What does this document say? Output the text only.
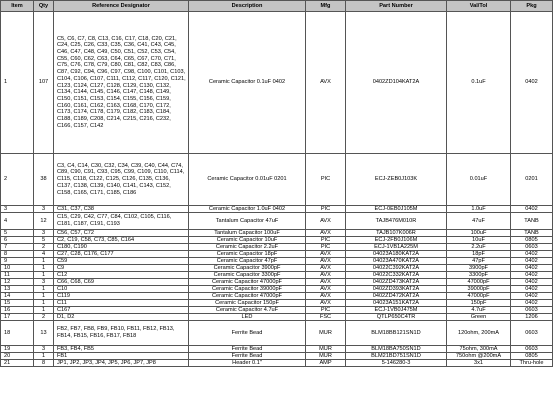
Item	Qty	Reference Designator	Description	Mfg	Part Number	Val/Tol	Pkg
1	107	C5, C6, C7, C8, C13, C16, C17, C18, C20, C21, C24, C25, C26, C33, C35, C36, C41, C43, C45, C46, C47, C48, C49, C50, C51, C52, C53, C54, C55, C60, C62, C63, C64, C65, C67, C70, C71, C75, C76, C78, C79, C80, C81, C82, C83, C86, C87, C92, C94, C96, C97, C98, C100, C101, C103, C104, C106, C107, C111, C112, C117, C120, C121, C123, C124, C127, C128, C129, C130, C132, C134, C144, C145, C146, C147, C148, C149, C150, C151, C153, C154, C155, C156, C159, C160, C161, C162, C163, C168, C170, C172, C173, C174, C178, C179, C182, C183, C184, C188, C189, C208, C214, C215, C216, C232, C166, C157, C142	Ceramic Capacitor 0.1uF 0402	AVX	0402ZD104KAT2A	0.1uF	0402
2	38	C3, C4, C14, C30, C32, C34, C39, C40, C44, C74, C89, C90, C91, C93, C95, C99, C109, C110, C114, C115, C118, C122, C125, C126, C135, C136, C137, C138, C139, C140, C141, C143, C152, C158, C165, C171, C185, C186	Ceramic Capacitor 0.01uF 0201	PIC	ECJ-ZEB0J103K	0.01uF	0201
3	3	C31, C37, C38	Ceramic Capacitor 1.0uF 0402	PIC	ECJ-0EB0J105M	1.0uF	0402
4	12	C15, C29, C42, C77, C84, C102, C105, C116, C181, C187, C191, C193	Tantalum Capacitor 47uF	AVX	TAJB476M010R	47uF	TANB
5	3	C56, C57, C72	Tantalum Capacitor 100uF	AVX	TAJB107K006R	100uF	TANB
6	5	C2, C19, C58, C73, C85, C164	Ceramic Capacitor 10uF	PIC	ECJ-2FB0J106M	10uF	0805
7	2	C180, C190	Ceramic Capacitor 2.2uF	PIC	ECJ-1VB1A225M	2.2uF	0603
8	4	C27, C28, C176, C177	Ceramic Capacitor 18pF	AVX	04023A180KAT2A	18pF	0402
9	1	C59	Ceramic Capacitor 47pF	AVX	04023A470KAT2A	47pF	0402
10	1	C9	Ceramic Capacitor 3900pF	AVX	04022C392KAT2A	3900pF	0402
11	1	C12	Ceramic Capacitor 3300pF	AVX	04022C332KAT2A	3300pF	0402
12	3	C66, C68, C69	Ceramic Capacitor 47000pF	AVX	0402ZD473KAT2A	47000pF	0402
13	1	C10	Ceramic Capacitor 39000pF	AVX	0402ZD393KAT2A	39000pF	0402
14	1	C119	Ceramic Capacitor 47000pF	AVX	0402ZD472KAT2A	47000pF	0402
15	1	C11	Ceramic Capacitor 150pF	AVX	04023A151KAT2A	150pF	0402
16	1	C167	Ceramic Capacitor 4.7uF	PIC	ECJ-1VB0J475M	4.7uF	0603
17	2	D1, D2	LED	FSC	QTLP650C4TR	Green	1206
18	13	FB2, FB7, FB8, FB9, FB10, FB11, FB12, FB13, FB14, FB15, FB16, FB17, FB18	Ferrite Bead	MUR	BLM18BB121SN1D	120ohm, 200mA	0603
19	3	FB3, FB4, FB5	Ferrite Bead	MUR	BLM18BA750SN1D	75ohm, 300mA	0603
20	1	FB1	Ferrite Bead	MUR	BLM21BD751SN1D	750ohm @200mA	0805
21	8	JP1, JP2, JP3, JP4, JP5, JP6, JP7, JP8	Header 0.1"	AMP	5-146280-3	3x1	Thru-hole
